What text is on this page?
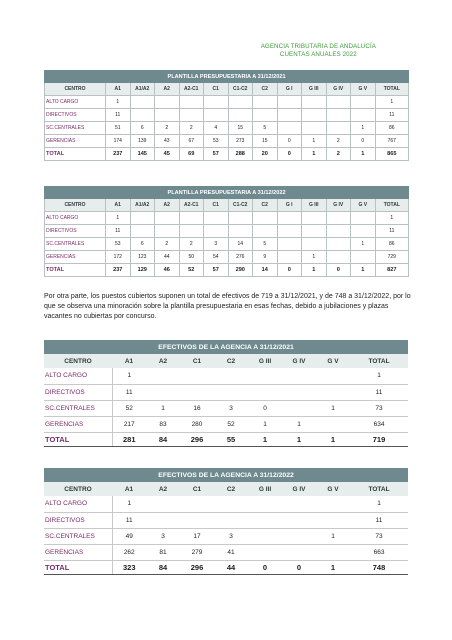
AGENCIA TRIBUTARIA DE ANDALUCÍA
CUENTAS ANUALES 2022
PLANTILLA PRESUPUESTARIA A 31/12/2021												
CENTRO	A1	A1/A2	A2	A2-C1	C1	C1-C2	C2	G I	G III	G IV	G V	TOTAL
ALTO CARGO	1											1
DIRECTIVOS	11											11
SC.CENTRALES	51	6	2	2	4	15	5				1	86
GERENCIAS	174	139	43	67	53	273	15	0	1	2	0	767
TOTAL	237	145	45	69	57	288	20	0	1	2	1	865
PLANTILLA PRESUPUESTARIA A 31/12/2022												
CENTRO	A1	A1/A2	A2	A2-C1	C1	C1-C2	C2	G I	G III	G IV	G V	TOTAL
ALTO CARGO	1											1
DIRECTIVOS	11											11
SC.CENTRALES	53	6	2	2	3	14	5				1	86
GERENCIAS	172	123	44	50	54	276	9		1			729
TOTAL	237	129	46	52	57	290	14	0	1	0	1	827

Por otra parte, los puestos cubiertos suponen un total de efectivos de 719 a 31/12/2021, y de 748 a 31/12/2022, por lo que se observa una minoración sobre la plantilla presupuestaria en esas fechas, debido a jubilaciones y plazas vacantes no cubiertas por concurso.

EFECTIVOS DE LA AGENCIA A 31/12/2021								
CENTRO	A1	A2	C1	C2	G III	G IV	G V	TOTAL
ALTO CARGO	1							1
DIRECTIVOS	11							11
SC.CENTRALES	52	1	16	3	0		1	73
GERENCIAS	217	83	280	52	1	1		634
TOTAL	281	84	296	55	1	1	1	719
EFECTIVOS DE LA AGENCIA A 31/12/2022								
CENTRO	A1	A2	C1	C2	G III	G IV	G V	TOTAL
ALTO CARGO	1							1
DIRECTIVOS	11							11
SC.CENTRALES	49	3	17	3			1	73
GERENCIAS	262	81	279	41				663
TOTAL	323	84	296	44	0	0	1	748
